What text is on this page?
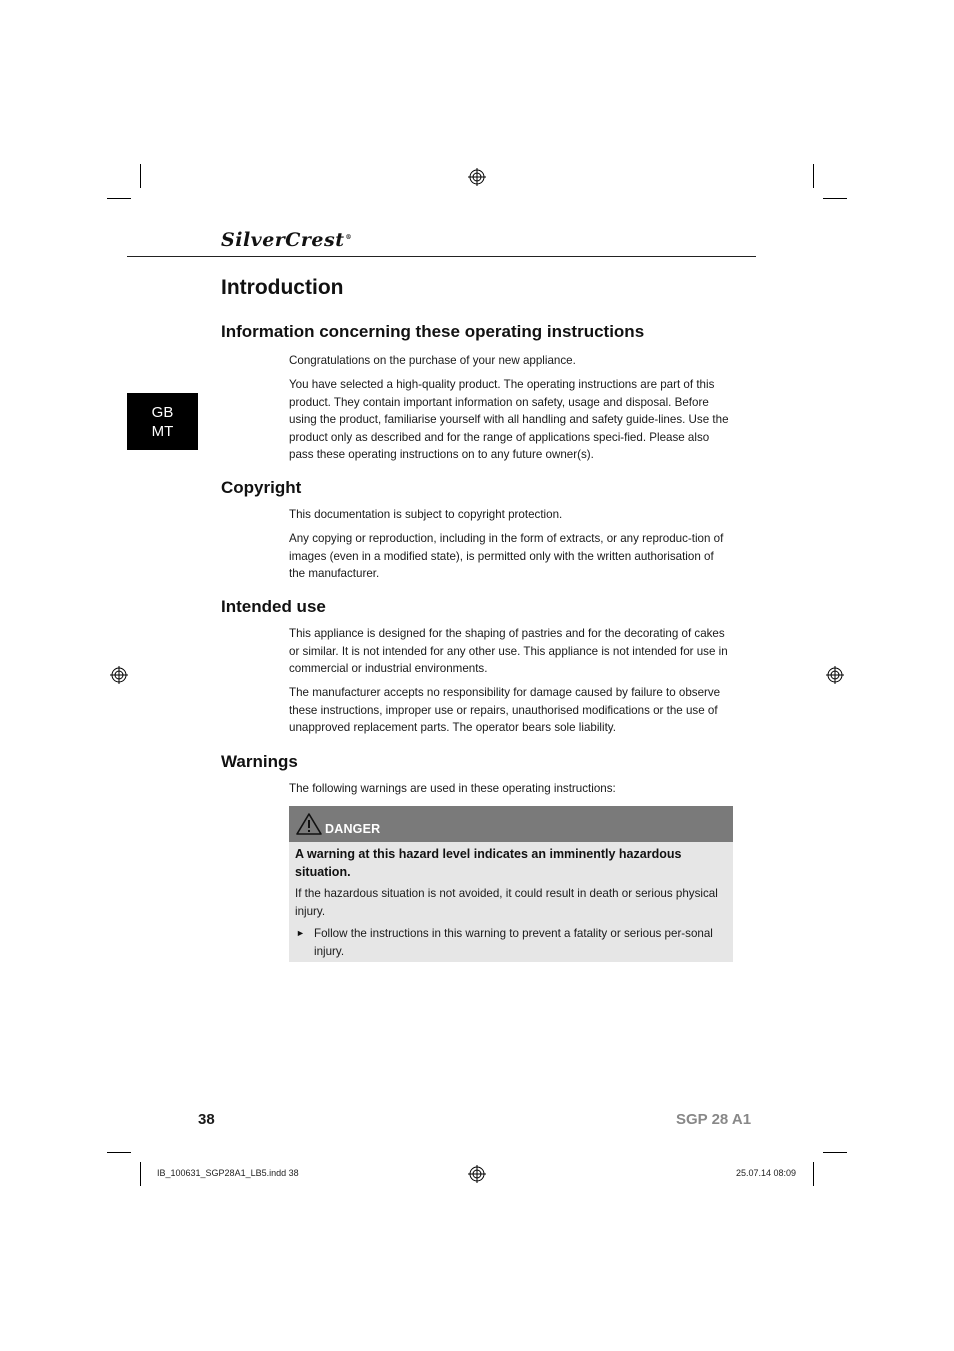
SilverCrest®
GB
MT
Introduction
Information concerning these operating instructions

Congratulations on the purchase of your new appliance.

You have selected a high-quality product. The operating instructions are part of this product. They contain important information on safety, usage and disposal. Before using the product, familiarise yourself with all handling and safety guide-lines. Use the product only as described and for the range of applications speci-fied. Please also pass these operating instructions on to any future owner(s).

Copyright

This documentation is subject to copyright protection.

Any copying or reproduction, including in the form of extracts, or any reproduc-tion of images (even in a modified state), is permitted only with the written authorisation of the manufacturer.

Intended use

This appliance is designed for the shaping of pastries and for the decorating of cakes or similar. It is not intended for any other use. This appliance is not intended for use in commercial or industrial environments.

The manufacturer accepts no responsibility for damage caused by failure to observe these instructions, improper use or repairs, unauthorised modifications or the use of unapproved replacement parts. The operator bears sole liability.

Warnings

The following warnings are used in these operating instructions:

DANGER
A warning at this hazard level indicates an imminently hazardous situation.
If the hazardous situation is not avoided, it could result in death or serious physical injury.
► Follow the instructions in this warning to prevent a fatality or serious per-sonal injury.
38	SGP 28 A1
IB_100631_SGP28A1_LB5.indd 38	25.07.14 08:09
